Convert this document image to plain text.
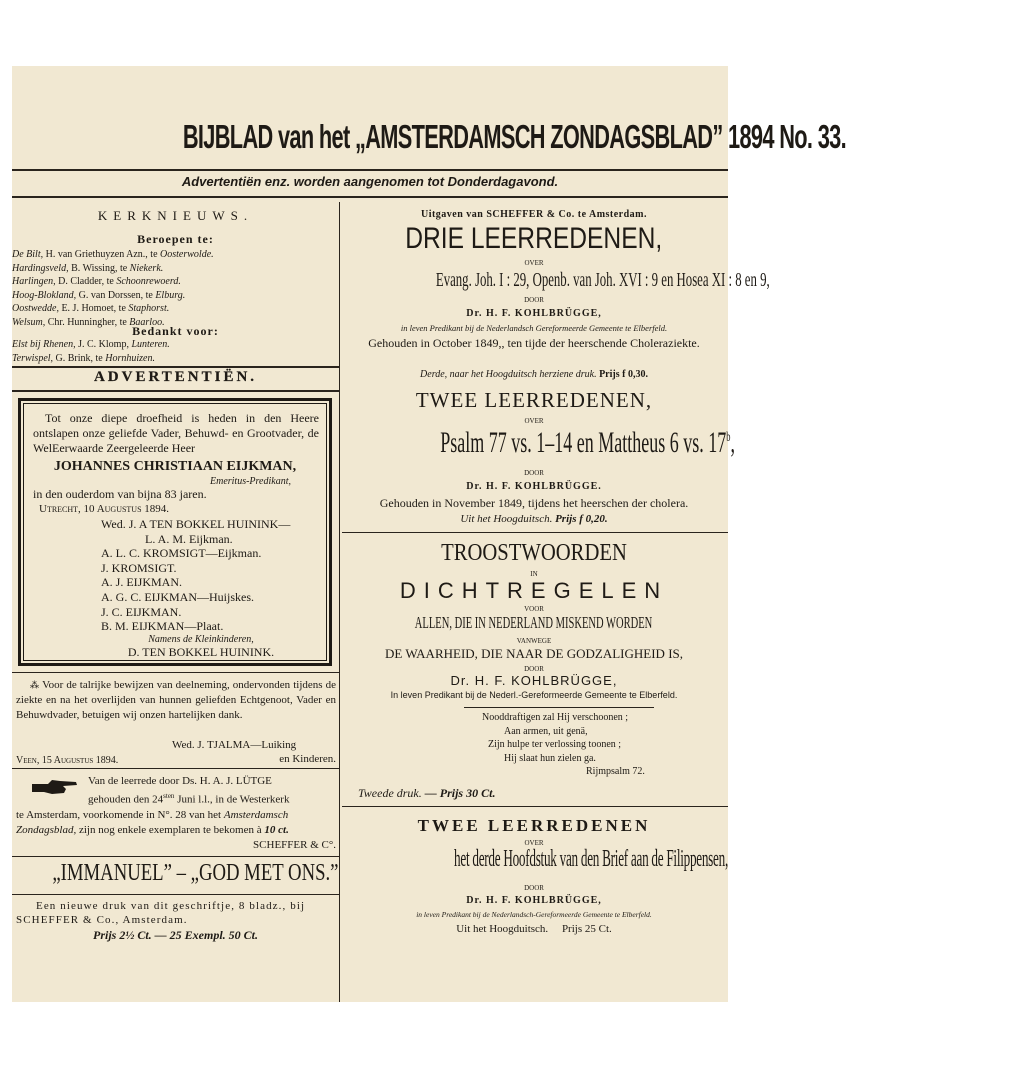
BIJBLAD van het „AMSTERDAMSCH ZONDAGSBLAD” 1894 No. 33.
Advertentiën enz. worden aangenomen tot Donderdagavond.
KERKNIEUWS.
Beroepen te:
De Bilt, H. van Griethuyzen Azn., te Oosterwolde.
Hardingsveld, B. Wissing, te Niekerk.
Harlingen, D. Cladder, te Schoonrewoerd.
Hoog-Blokland, G. van Dorssen, te Elburg.
Oostwedde, E. J. Homoet, te Staphorst.
Welsum, Chr. Hunningher, te Baarloo.
Bedankt voor:
Elst bij Rhenen, J. C. Klomp, Lunteren.
Terwispel, G. Brink, te Hornhuizen.
ADVERTENTIËN.
Tot onze diepe droefheid is heden in den Heere ontslapen onze geliefde Vader, Behuwd- en Grootvader, de WelEerwaarde Zeergeleerde Heer
JOHANNES CHRISTIAAN EIJKMAN,
Emeritus-Predikant,
in den ouderdom van bijna 83 jaren.
Utrecht, 10 Augustus 1894.
Wed. J. A TEN BOKKEL HUININK—
L. A. M. Eijkman.
A. L. C. KROMSIGT—Eijkman.
J. KROMSIGT.
A. J. EIJKMAN.
A. G. C. EIJKMAN—Huijskes.
J. C. EIJKMAN.
B. M. EIJKMAN—Plaat.
Namens de Kleinkinderen,
D. TEN BOKKEL HUININK.
⁂ Voor de talrijke bewijzen van deelneming, ondervonden tijdens de ziekte en na het overlijden van hunnen geliefden Echtgenoot, Vader en Behuwdvader, betuigen wij onzen hartelijken dank.
Wed. J. TJALMA—Luiking
Veen, 15 Augustus 1894.	en Kinderen.
Van de leerrede door Ds. H. A. J. LÜTGE
gehouden den $24^{sten}$ Juni l.l., in de Westerkerk
te Amsterdam, voorkomende in N°. 28 van het Amsterdamsch
Zondagsblad, zijn nog enkele exemplaren te bekomen à 10 ct.
SCHEFFER & C°.
„IMMANUEL” – „GOD MET ONS.”
Een nieuwe druk van dit geschriftje, 8 bladz., bij
SCHEFFER & Co., Amsterdam.
Prijs 2½ Ct. — 25 Exempl. 50 Ct.
Uitgaven van SCHEFFER & Co. te Amsterdam.
DRIE LEERREDENEN,
OVER
Evang. Joh. I : 29, Openb. van Joh. XVI : 9 en Hosea XI : 8 en 9,
DOOR
Dr. H. F. KOHLBRÜGGE,
in leven Predikant bij de Nederlandsch Gereformeerde Gemeente te Elberfeld.
Gehouden in October 1849,, ten tijde der heerschende Choleraziekte.
Derde, naar het Hoogduitsch herziene druk. Prijs f 0,30.
TWEE LEERREDENEN,
OVER
Psalm 77 vs. 1–14 en Mattheus 6 vs. 17$^b$,
DOOR
Dr. H. F. KOHLBRÜGGE.
Gehouden in November 1849, tijdens het heerschen der cholera.
Uit het Hoogduitsch. Prijs f 0,20.
TROOSTWOORDEN
IN
DICHTREGELEN
VOOR
ALLEN, DIE IN NEDERLAND MISKEND WORDEN
VANWEGE
DE WAARHEID, DIE NAAR DE GODZALIGHEID IS,
DOOR
Dr. H. F. KOHLBRÜGGE,
In leven Predikant bij de Nederl.-Gereformeerde Gemeente te Elberfeld.
Nooddraftigen zal Hij verschoonen ;
Aan armen, uit genä,
Zijn hulpe ter verlossing toonen ;
Hij slaat hun zielen ga.
Rijmpsalm 72.
Tweede druk. — Prijs 30 Ct.
TWEE LEERREDENEN
OVER
het derde Hoofdstuk van den Brief aan de Filippensen,
DOOR
Dr. H. F. KOHLBRÜGGE,
in leven Predikant bij de Nederlandsch-Gereformeerde Gemeente te Elberfeld.
Uit het Hoogduitsch. Prijs 25 Ct.
